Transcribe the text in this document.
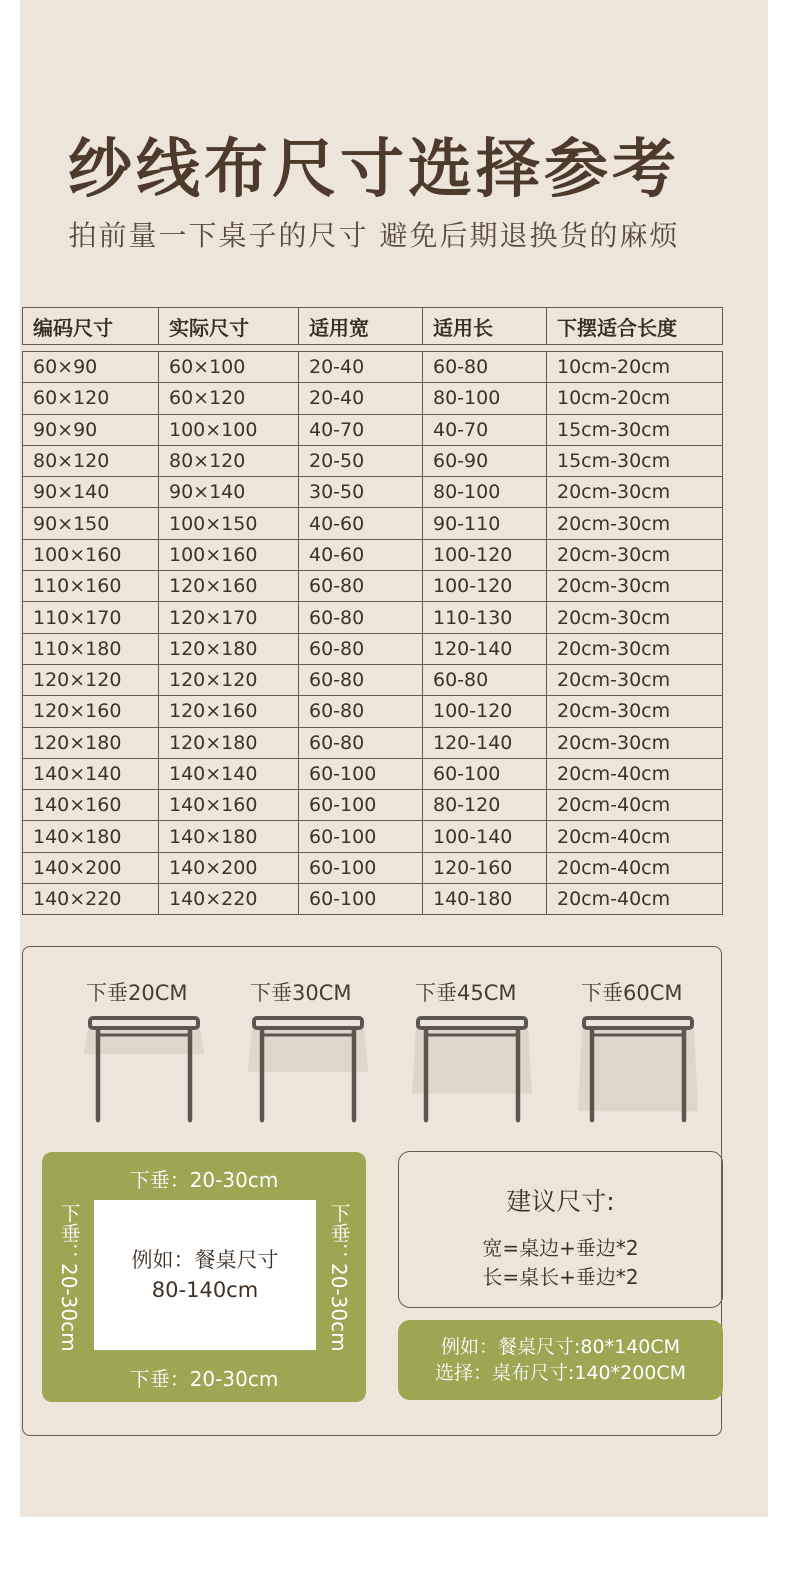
纱线布尺寸选择参考
拍前量一下桌子的尺寸 避免后期退换货的麻烦
编码尺寸	实际尺寸	适用宽	适用长	下摆适合长度
60×90	60×100	20-40	60-80	10cm-20cm
60×120	60×120	20-40	80-100	10cm-20cm
90×90	100×100	40-70	40-70	15cm-30cm
80×120	80×120	20-50	60-90	15cm-30cm
90×140	90×140	30-50	80-100	20cm-30cm
90×150	100×150	40-60	90-110	20cm-30cm
100×160	100×160	40-60	100-120	20cm-30cm
110×160	120×160	60-80	100-120	20cm-30cm
110×170	120×170	60-80	110-130	20cm-30cm
110×180	120×180	60-80	120-140	20cm-30cm
120×120	120×120	60-80	60-80	20cm-30cm
120×160	120×160	60-80	100-120	20cm-30cm
120×180	120×180	60-80	120-140	20cm-30cm
140×140	140×140	60-100	60-100	20cm-40cm
140×160	140×160	60-100	80-120	20cm-40cm
140×180	140×180	60-100	100-140	20cm-40cm
140×200	140×200	60-100	120-160	20cm-40cm
140×220	140×220	60-100	140-180	20cm-40cm
下垂20CM	下垂30CM	下垂45CM	下垂60CM
下垂：20-30cm
下垂：20-30cm
下垂：20-30cm	下垂：20-30cm
例如：餐桌尺寸
80-140cm
建议尺寸:
宽=桌边+垂边*2
长=桌长+垂边*2
例如：餐桌尺寸:80*140CM
选择：桌布尺寸:140*200CM
